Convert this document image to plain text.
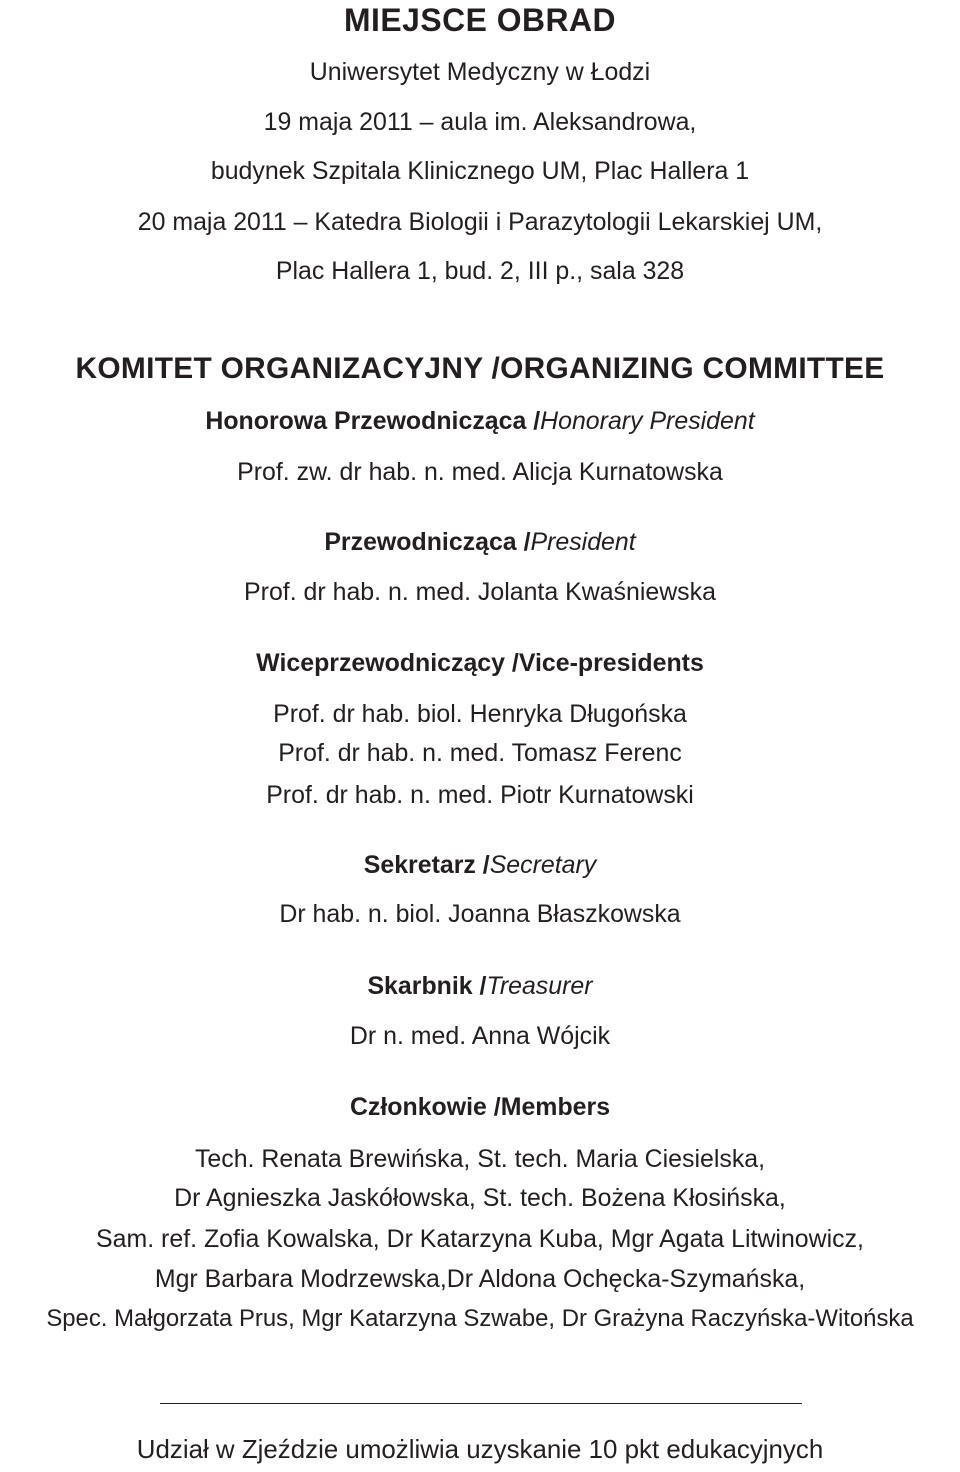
MIEJSCE OBRAD
Uniwersytet Medyczny w Łodzi
19 maja 2011 – aula im. Aleksandrowa,
budynek Szpitala Klinicznego UM, Plac Hallera 1
20 maja 2011 – Katedra Biologii i Parazytologii Lekarskiej UM,
Plac Hallera 1, bud. 2, III p., sala 328
KOMITET ORGANIZACYJNY /ORGANIZING COMMITTEE
Honorowa Przewodnicząca /Honorary President
Prof. zw. dr hab. n. med. Alicja Kurnatowska
Przewodnicząca /President
Prof. dr hab. n. med. Jolanta Kwaśniewska
Wiceprzewodniczący /Vice-presidents
Prof. dr hab. biol. Henryka Długońska
Prof. dr hab. n. med. Tomasz Ferenc
Prof. dr hab. n. med. Piotr Kurnatowski
Sekretarz /Secretary
Dr hab. n. biol. Joanna Błaszkowska
Skarbnik /Treasurer
Dr n. med. Anna Wójcik
Członkowie /Members
Tech. Renata Brewińska, St. tech. Maria Ciesielska,
Dr Agnieszka Jaskółowska, St. tech. Bożena Kłosińska,
Sam. ref. Zofia Kowalska, Dr Katarzyna Kuba, Mgr Agata Litwinowicz,
Mgr Barbara Modrzewska,Dr Aldona Ochęcka-Szymańska,
Spec. Małgorzata Prus, Mgr Katarzyna Szwabe, Dr Grażyna Raczyńska-Witońska
Udział w Zjeździe umożliwia uzyskanie 10 pkt edukacyjnych
